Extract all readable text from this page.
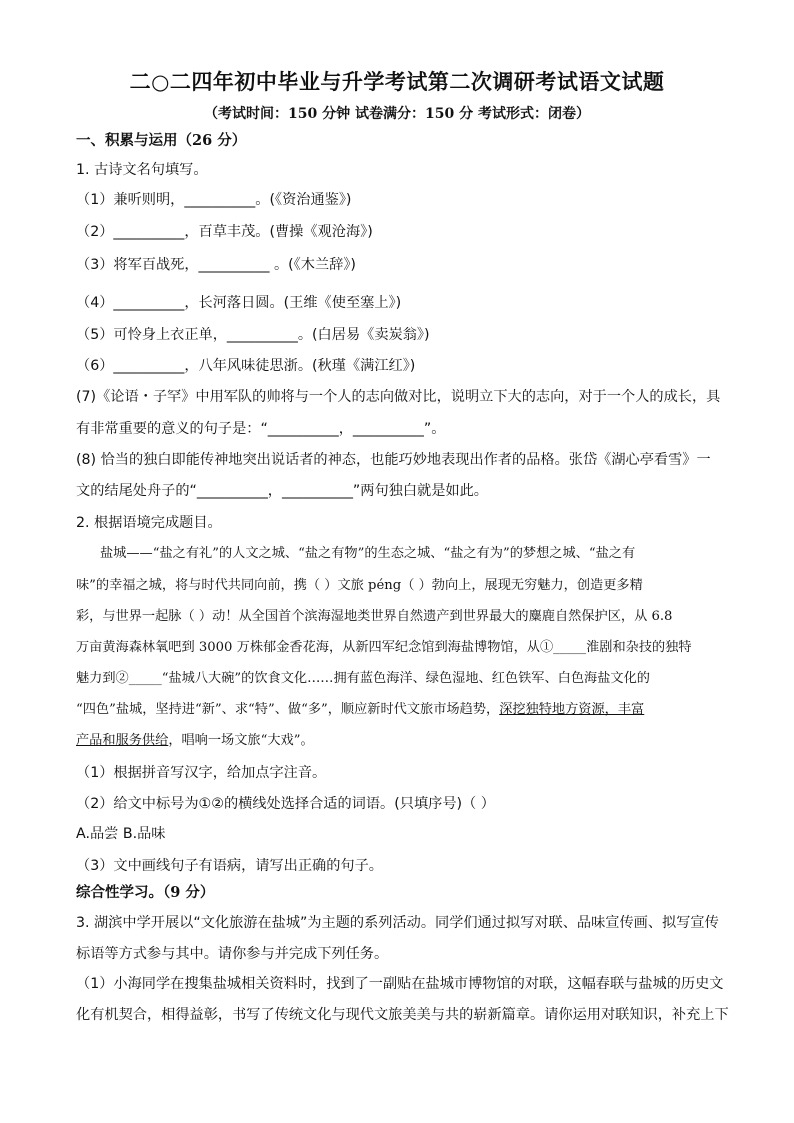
二○二四年初中毕业与升学考试第二次调研考试语文试题
（考试时间：150 分钟 试卷满分：150 分 考试形式：闭卷）
一、积累与运用（26 分）
1. 古诗文名句填写。
（1）兼听则明，__________。(《资治通鉴》)
（2）__________，百草丰茂。(曹操《观沧海》)
（3）将军百战死，__________ 。(《木兰辞》)
（4）__________，长河落日圆。(王维《使至塞上》)
（5）可怜身上衣正单，__________。(白居易《卖炭翁》)
（6）__________，八年风味徒思浙。(秋瑾《满江红》)
(7)《论语・子罕》中用军队的帅将与一个人的志向做对比，说明立下大的志向，对于一个人的成长，具
有非常重要的意义的句子是：“__________，__________”。
(8) 恰当的独白即能传神地突出说话者的神态，也能巧妙地表现出作者的品格。张岱《湖心亭看雪》一
文的结尾处舟子的“__________，__________”两句独白就是如此。
2. 根据语境完成题目。
盐城——“盐之有礼”的人文之城、“盐之有物”的生态之城、“盐之有为”的梦想之城、“盐之有
味”的幸福之城，将与时代共同向前，携（ ）文旅 péng（ ）勃向上，展现无穷魅力，创造更多精
彩，与世界一起脉（ ）动！从全国首个滨海湿地类世界自然遗产到世界最大的麋鹿自然保护区，从 6.8
万亩黄海森林氧吧到 3000 万株郁金香花海，从新四军纪念馆到海盐博物馆，从①_____淮剧和杂技的独特
魅力到②_____“盐城八大碗”的饮食文化……拥有蓝色海洋、绿色湿地、红色铁军、白色海盐文化的
“四色”盐城，坚持进“新”、求“特”、做“多”，顺应新时代文旅市场趋势，深挖独特地方资源，丰富
产品和服务供给，唱响一场文旅“大戏”。
（1）根据拼音写汉字，给加点字注音。
（2）给文中标号为①②的横线处选择合适的词语。(只填序号)（ ）
A.品尝 B.品味
（3）文中画线句子有语病，请写出正确的句子。
综合性学习。（9 分）
3. 湖滨中学开展以“文化旅游在盐城”为主题的系列活动。同学们通过拟写对联、品味宣传画、拟写宣传
标语等方式参与其中。请你参与并完成下列任务。
（1）小海同学在搜集盐城相关资料时，找到了一副贴在盐城市博物馆的对联，这幅春联与盐城的历史文
化有机契合，相得益彰，书写了传统文化与现代文旅美美与共的崭新篇章。请你运用对联知识，补充上下
